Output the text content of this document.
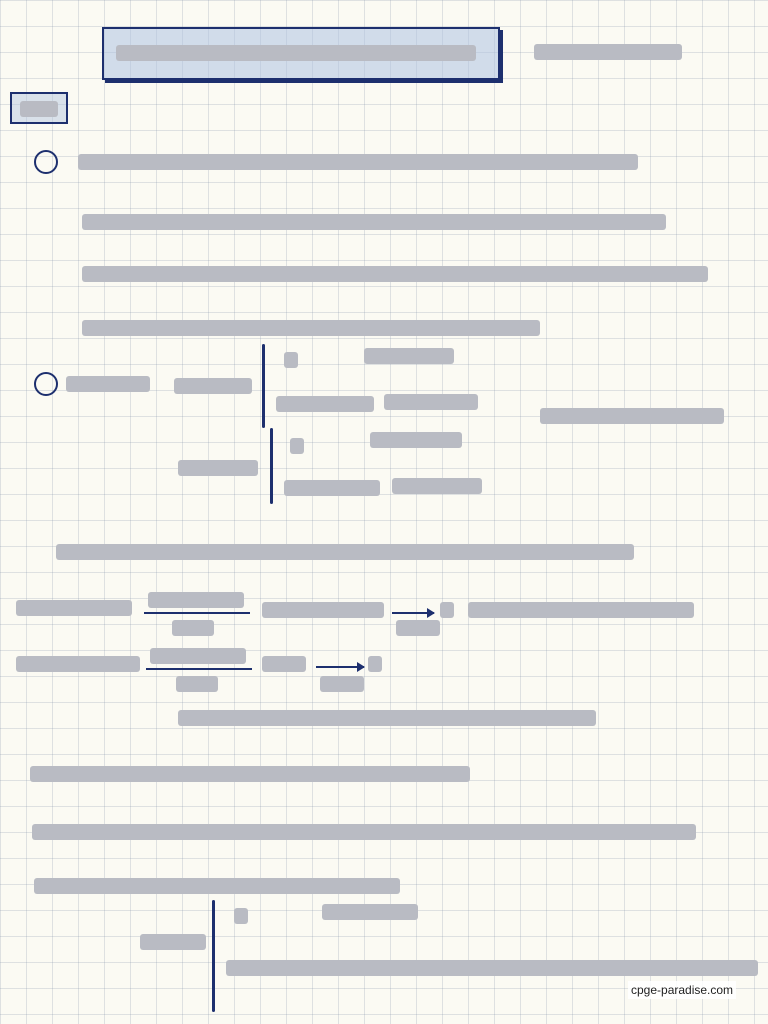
cpge-paradise.com
